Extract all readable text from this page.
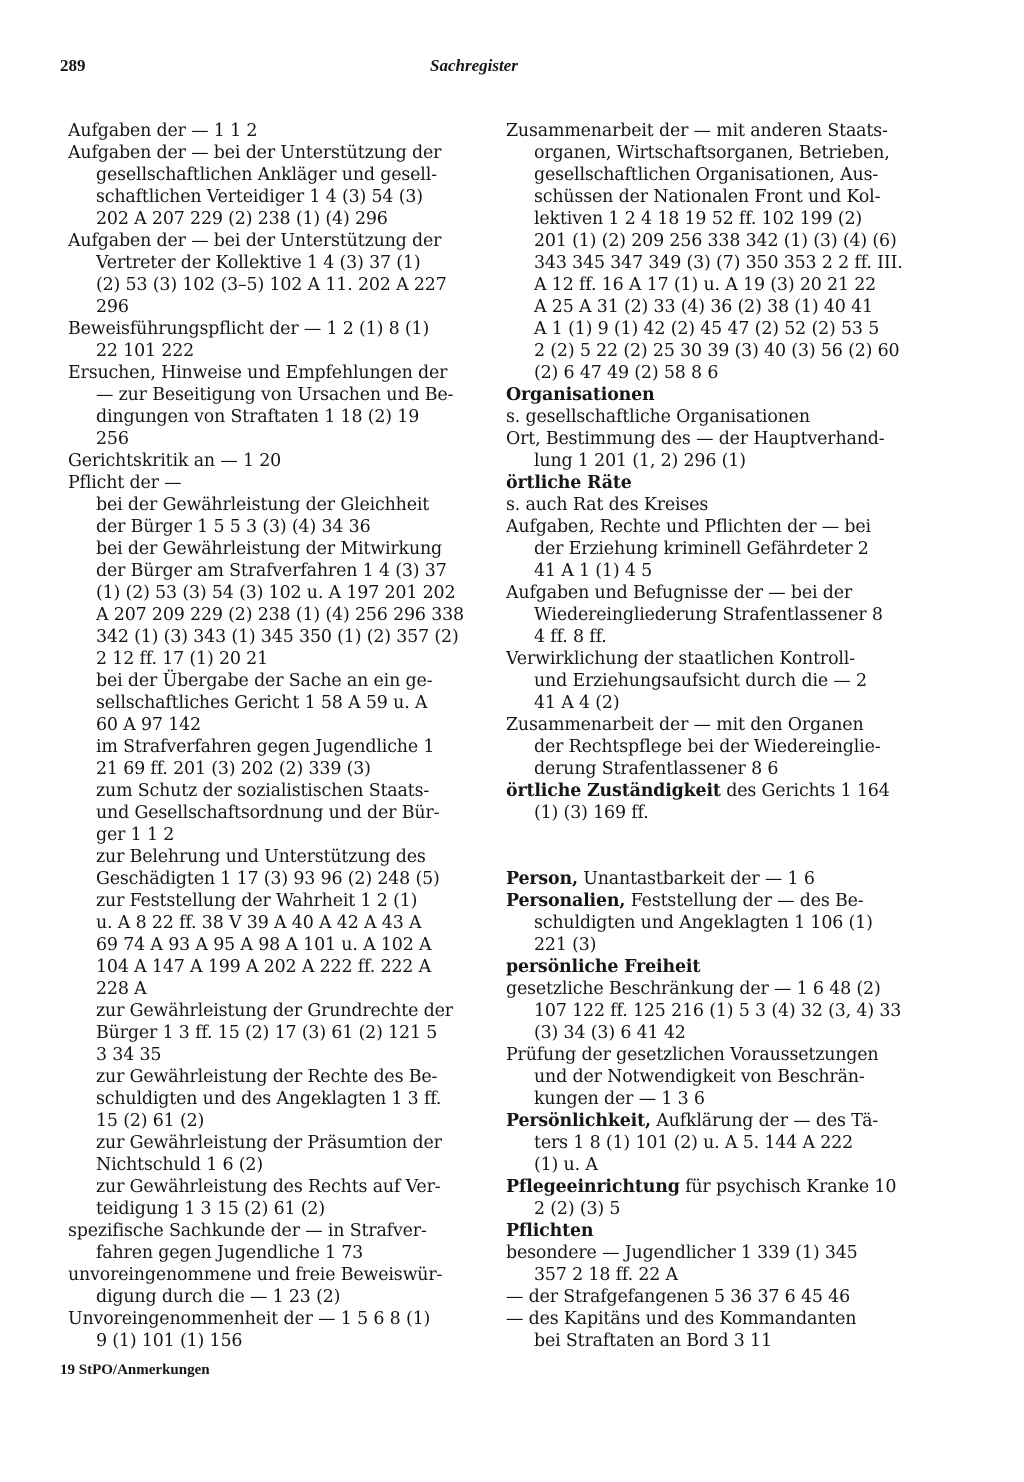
289	Sachregister

Aufgaben der — 1 1 2

Aufgaben der — bei der Unterstützung der

gesellschaftlichen Ankläger und gesell-

schaftlichen Verteidiger 1 4 (3) 54 (3)

202 A 207 229 (2) 238 (1) (4) 296

Aufgaben der — bei der Unterstützung der

Vertreter der Kollektive 1 4 (3) 37 (1)

(2) 53 (3) 102 (3–5) 102 A 11. 202 A 227

296

Beweisführungspflicht der — 1 2 (1) 8 (1)

22 101 222

Ersuchen, Hinweise und Empfehlungen der

— zur Beseitigung von Ursachen und Be-

dingungen von Straftaten 1 18 (2) 19

256

Gerichtskritik an — 1 20

Pflicht der —

bei der Gewährleistung der Gleichheit

der Bürger 1 5 5 3 (3) (4) 34 36

bei der Gewährleistung der Mitwirkung

der Bürger am Strafverfahren 1 4 (3) 37

(1) (2) 53 (3) 54 (3) 102 u. A 197 201 202

A 207 209 229 (2) 238 (1) (4) 256 296 338

342 (1) (3) 343 (1) 345 350 (1) (2) 357 (2)

2 12 ff. 17 (1) 20 21

bei der Übergabe der Sache an ein ge-

sellschaftliches Gericht 1 58 A 59 u. A

60 A 97 142

im Strafverfahren gegen Jugendliche 1

21 69 ff. 201 (3) 202 (2) 339 (3)

zum Schutz der sozialistischen Staats-

und Gesellschaftsordnung und der Bür-

ger 1 1 2

zur Belehrung und Unterstützung des

Geschädigten 1 17 (3) 93 96 (2) 248 (5)

zur Feststellung der Wahrheit 1 2 (1)

u. A 8 22 ff. 38 V 39 A 40 A 42 A 43 A

69 74 A 93 A 95 A 98 A 101 u. A 102 A

104 A 147 A 199 A 202 A 222 ff. 222 A

228 A

zur Gewährleistung der Grundrechte der

Bürger 1 3 ff. 15 (2) 17 (3) 61 (2) 121 5

3 34 35

zur Gewährleistung der Rechte des Be-

schuldigten und des Angeklagten 1 3 ff.

15 (2) 61 (2)

zur Gewährleistung der Präsumtion der

Nichtschuld 1 6 (2)

zur Gewährleistung des Rechts auf Ver-

teidigung 1 3 15 (2) 61 (2)

spezifische Sachkunde der — in Strafver-

fahren gegen Jugendliche 1 73

unvoreingenommene und freie Beweiswür-

digung durch die — 1 23 (2)

Unvoreingenommenheit der — 1 5 6 8 (1)

9 (1) 101 (1) 156

Zusammenarbeit der — mit anderen Staats-

organen, Wirtschaftsorganen, Betrieben,

gesellschaftlichen Organisationen, Aus-

schüssen der Nationalen Front und Kol-

lektiven 1 2 4 18 19 52 ff. 102 199 (2)

201 (1) (2) 209 256 338 342 (1) (3) (4) (6)

343 345 347 349 (3) (7) 350 353 2 2 ff. III.

A 12 ff. 16 A 17 (1) u. A 19 (3) 20 21 22

A 25 A 31 (2) 33 (4) 36 (2) 38 (1) 40 41

A 1 (1) 9 (1) 42 (2) 45 47 (2) 52 (2) 53 5

2 (2) 5 22 (2) 25 30 39 (3) 40 (3) 56 (2) 60

(2) 6 47 49 (2) 58 8 6

Organisationen

s. gesellschaftliche Organisationen

Ort, Bestimmung des — der Hauptverhand-

lung 1 201 (1, 2) 296 (1)

örtliche Räte

s. auch Rat des Kreises

Aufgaben, Rechte und Pflichten der — bei

der Erziehung kriminell Gefährdeter 2

41 A 1 (1) 4 5

Aufgaben und Befugnisse der — bei der

Wiedereingliederung Strafentlassener 8

4 ff. 8 ff.

Verwirklichung der staatlichen Kontroll-

und Erziehungsaufsicht durch die — 2

41 A 4 (2)

Zusammenarbeit der — mit den Organen

der Rechtspflege bei der Wiedereinglie-

derung Strafentlassener 8 6

örtliche Zuständigkeit des Gerichts 1 164

(1) (3) 169 ff.

Person, Unantastbarkeit der — 1 6

Personalien, Feststellung der — des Be-

schuldigten und Angeklagten 1 106 (1)

221 (3)

persönliche Freiheit

gesetzliche Beschränkung der — 1 6 48 (2)

107 122 ff. 125 216 (1) 5 3 (4) 32 (3, 4) 33

(3) 34 (3) 6 41 42

Prüfung der gesetzlichen Voraussetzungen

und der Notwendigkeit von Beschrän-

kungen der — 1 3 6

Persönlichkeit, Aufklärung der — des Tä-

ters 1 8 (1) 101 (2) u. A 5. 144 A 222

(1) u. A

Pflegeeinrichtung für psychisch Kranke 10

2 (2) (3) 5

Pflichten

besondere — Jugendlicher 1 339 (1) 345

357 2 18 ff. 22 A

— der Strafgefangenen 5 36 37 6 45 46

— des Kapitäns und des Kommandanten

bei Straftaten an Bord 3 11

19 StPO/Anmerkungen
